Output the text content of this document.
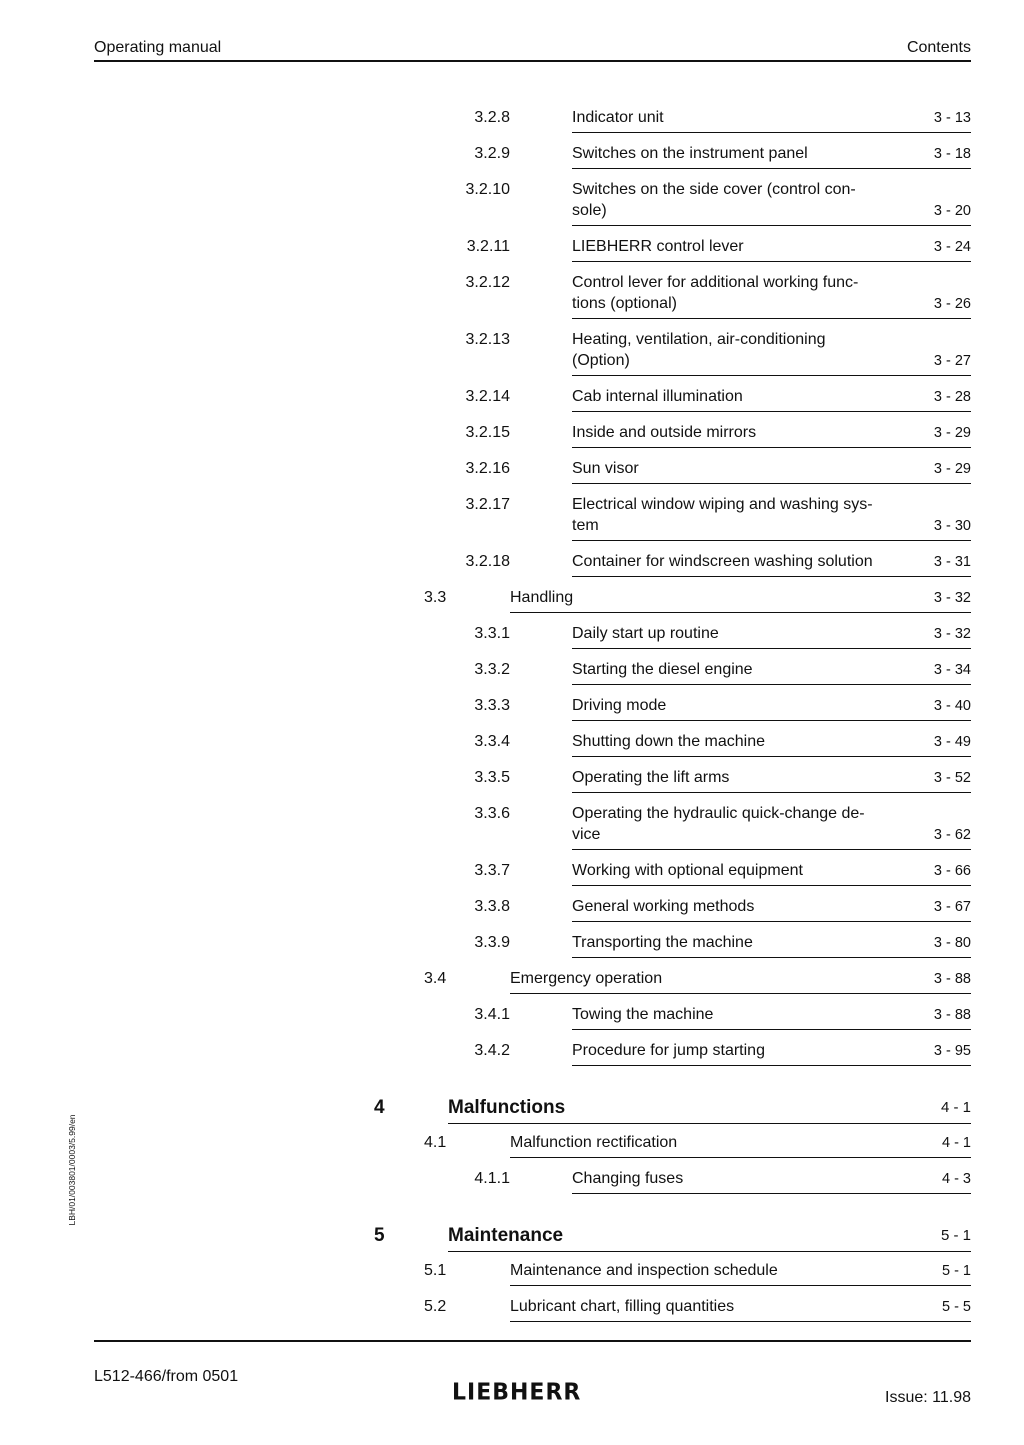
Operating manual	Contents
LBH/01/003801/0003/5.99/en
3.2.8	Indicator unit	3 - 13
3.2.9	Switches on the instrument panel	3 - 18
3.2.10	Switches on the side cover (control con-
sole)	3 - 20
3.2.11	LIEBHERR control lever	3 - 24
3.2.12	Control lever for additional working func-
tions (optional)	3 - 26
3.2.13	Heating, ventilation, air-conditioning
(Option)	3 - 27
3.2.14	Cab internal illumination	3 - 28
3.2.15	Inside and outside mirrors	3 - 29
3.2.16	Sun visor	3 - 29
3.2.17	Electrical window wiping and washing sys-
tem	3 - 30
3.2.18	Container for windscreen washing solution	3 - 31
3.3	Handling	3 - 32
3.3.1	Daily start up routine	3 - 32
3.3.2	Starting the diesel engine	3 - 34
3.3.3	Driving mode	3 - 40
3.3.4	Shutting down the machine	3 - 49
3.3.5	Operating the lift arms	3 - 52
3.3.6	Operating the hydraulic quick-change de-
vice	3 - 62
3.3.7	Working with optional equipment	3 - 66
3.3.8	General working methods	3 - 67
3.3.9	Transporting the machine	3 - 80
3.4	Emergency operation	3 - 88
3.4.1	Towing the machine	3 - 88
3.4.2	Procedure for jump starting	3 - 95
4	Malfunctions	4 - 1
4.1	Malfunction rectification	4 - 1
4.1.1	Changing fuses	4 - 3
5	Maintenance	5 - 1
5.1	Maintenance and inspection schedule	5 - 1
5.2	Lubricant chart, filling quantities	5 - 5
L512-466/from 0501
LIEBHERR	Issue: 11.98
